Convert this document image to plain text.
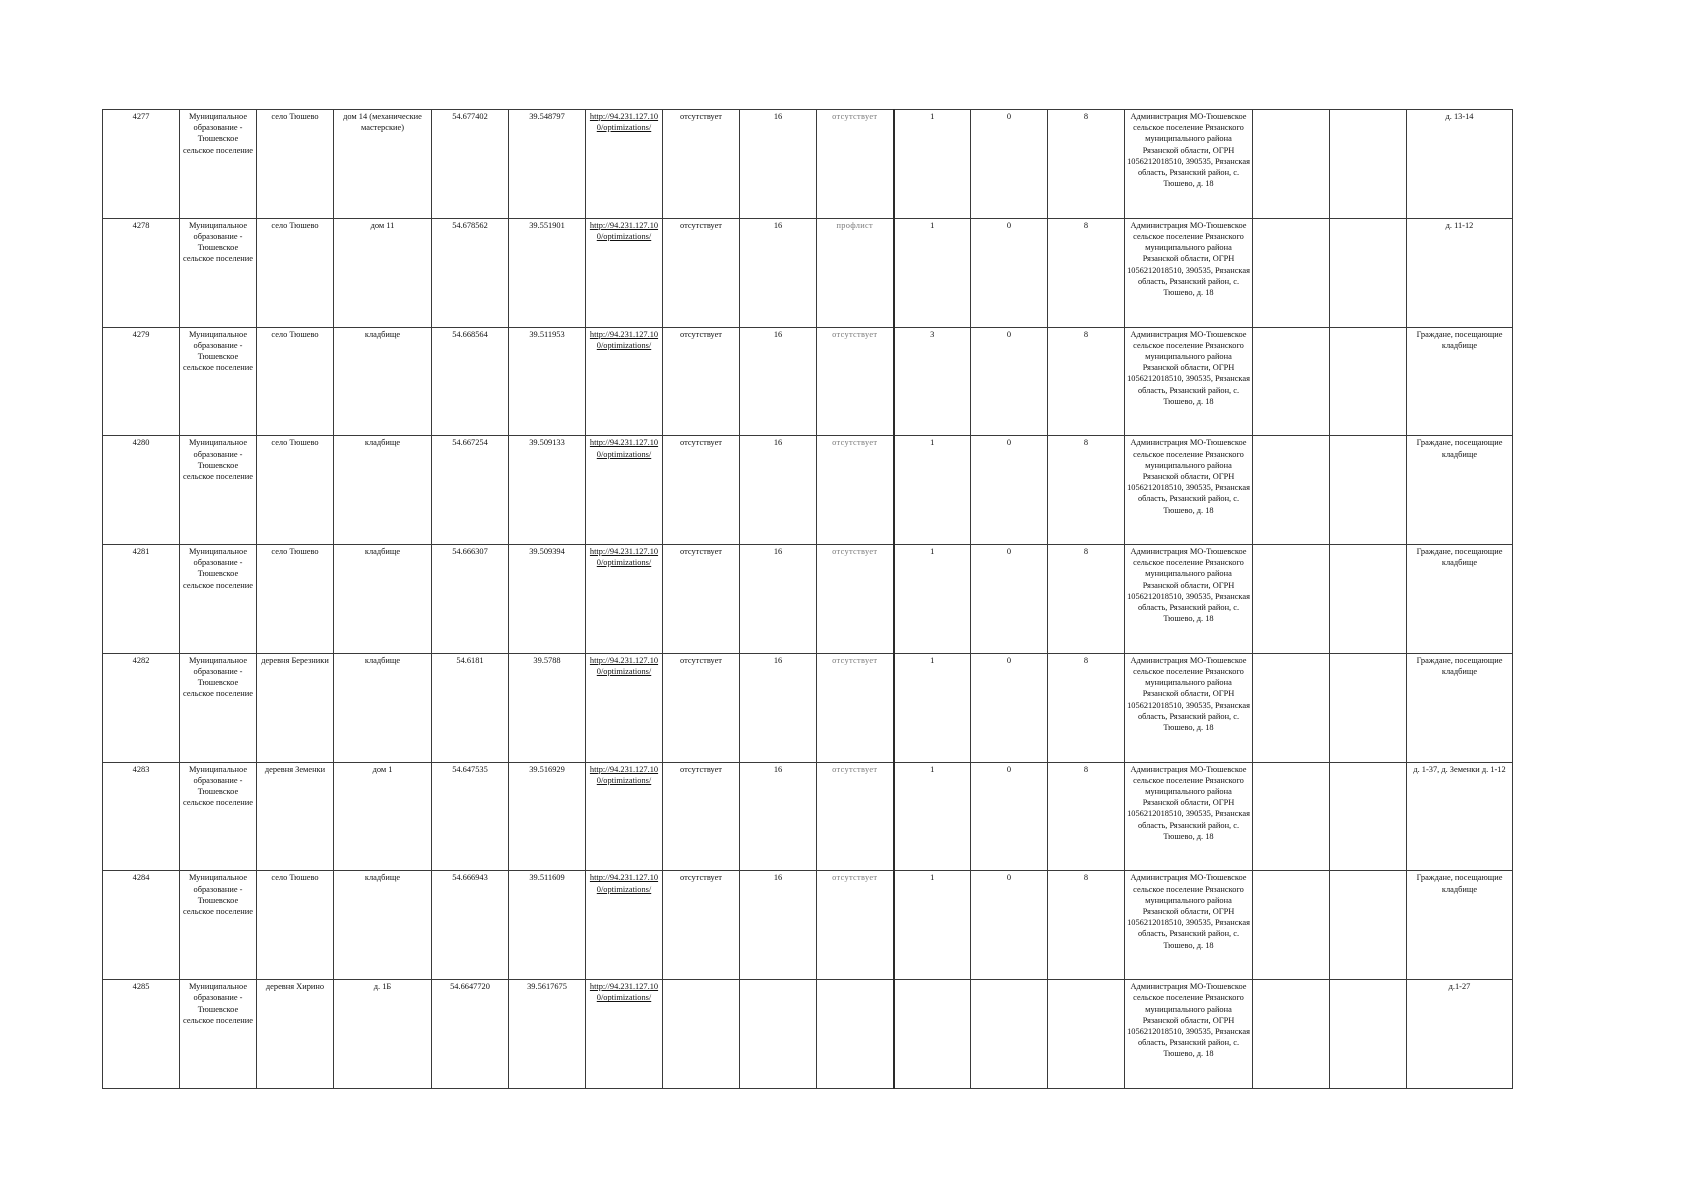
4277	Муниципальное образование - Тюшевское сельское поселение	село Тюшево	дом 14 (механические мастерские)	54.677402	39.548797	http://94.231.127.100/optimizations/	отсутствует	16	отсутствует	1	0	8	Администрация МО-Тюшевское сельское поселение Рязанского муниципального района Рязанской области, ОГРН 1056212018510, 390535, Рязанская область, Рязанский район, с. Тюшево, д. 18			д. 13-14
4278	Муниципальное образование - Тюшевское сельское поселение	село Тюшево	дом 11	54.678562	39.551901	http://94.231.127.100/optimizations/	отсутствует	16	профлист	1	0	8	Администрация МО-Тюшевское сельское поселение Рязанского муниципального района Рязанской области, ОГРН 1056212018510, 390535, Рязанская область, Рязанский район, с. Тюшево, д. 18			д. 11-12
4279	Муниципальное образование - Тюшевское сельское поселение	село Тюшево	кладбище	54.668564	39.511953	http://94.231.127.100/optimizations/	отсутствует	16	отсутствует	3	0	8	Администрация МО-Тюшевское сельское поселение Рязанского муниципального района Рязанской области, ОГРН 1056212018510, 390535, Рязанская область, Рязанский район, с. Тюшево, д. 18			Граждане, посещающие кладбище
4280	Муниципальное образование - Тюшевское сельское поселение	село Тюшево	кладбище	54.667254	39.509133	http://94.231.127.100/optimizations/	отсутствует	16	отсутствует	1	0	8	Администрация МО-Тюшевское сельское поселение Рязанского муниципального района Рязанской области, ОГРН 1056212018510, 390535, Рязанская область, Рязанский район, с. Тюшево, д. 18			Граждане, посещающие кладбище
4281	Муниципальное образование - Тюшевское сельское поселение	село Тюшево	кладбище	54.666307	39.509394	http://94.231.127.100/optimizations/	отсутствует	16	отсутствует	1	0	8	Администрация МО-Тюшевское сельское поселение Рязанского муниципального района Рязанской области, ОГРН 1056212018510, 390535, Рязанская область, Рязанский район, с. Тюшево, д. 18			Граждане, посещающие кладбище
4282	Муниципальное образование - Тюшевское сельское поселение	деревня Березники	кладбище	54.6181	39.5788	http://94.231.127.100/optimizations/	отсутствует	16	отсутствует	1	0	8	Администрация МО-Тюшевское сельское поселение Рязанского муниципального района Рязанской области, ОГРН 1056212018510, 390535, Рязанская область, Рязанский район, с. Тюшево, д. 18			Граждане, посещающие кладбище
4283	Муниципальное образование - Тюшевское сельское поселение	деревня Земенки	дом 1	54.647535	39.516929	http://94.231.127.100/optimizations/	отсутствует	16	отсутствует	1	0	8	Администрация МО-Тюшевское сельское поселение Рязанского муниципального района Рязанской области, ОГРН 1056212018510, 390535, Рязанская область, Рязанский район, с. Тюшево, д. 18			д. 1-37, д. Земенки д. 1-12
4284	Муниципальное образование - Тюшевское сельское поселение	село Тюшево	кладбище	54.666943	39.511609	http://94.231.127.100/optimizations/	отсутствует	16	отсутствует	1	0	8	Администрация МО-Тюшевское сельское поселение Рязанского муниципального района Рязанской области, ОГРН 1056212018510, 390535, Рязанская область, Рязанский район, с. Тюшево, д. 18			Граждане, посещающие кладбище
4285	Муниципальное образование - Тюшевское сельское поселение	деревня Хирино	д. 1Б	54.6647720	39.5617675	http://94.231.127.100/optimizations/							Администрация МО-Тюшевское сельское поселение Рязанского муниципального района Рязанской области, ОГРН 1056212018510, 390535, Рязанская область, Рязанский район, с. Тюшево, д. 18			д.1-27
